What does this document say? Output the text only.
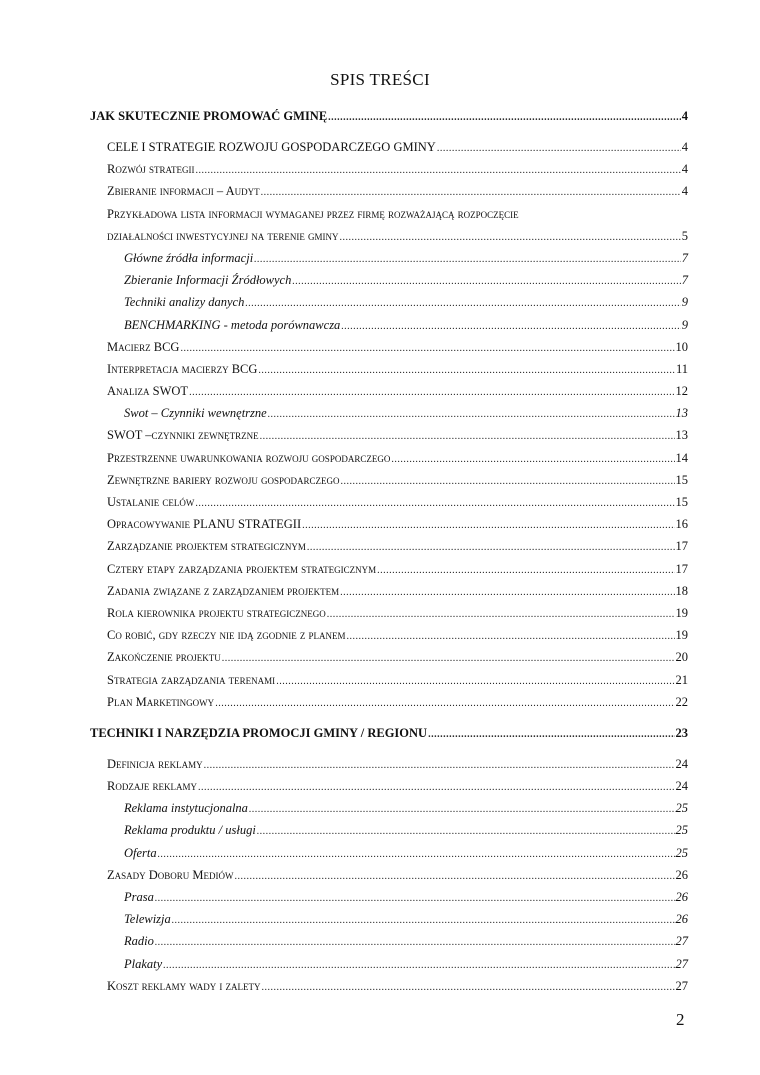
SPIS TREŚCI
JAK SKUTECZNIE PROMOWAĆ GMINĘ .....	4
CELE I STRATEGIE ROZWOJU GOSPODARCZEGO GMINY .....	4
Rozwój strategii .....	4
Zbieranie informacji – Audyt .....	4
Przykładowa lista informacji wymaganej przez firmę rozważającą rozpoczęcie
działalności inwestycyjnej na terenie gminy .....	5
Główne źródła informacji .....	7
Zbieranie Informacji Źródłowych .....	7
Techniki analizy danych .....	9
BENCHMARKING - metoda porównawcza .....	9
Macierz BCG .....	10
Interpretacja macierzy BCG .....	11
Analiza SWOT .....	12
Swot – Czynniki wewnętrzne .....	13
SWOT –czynniki zewnętrzne .....	13
Przestrzenne uwarunkowania rozwoju gospodarczego .....	14
Zewnętrzne bariery rozwoju gospodarczego .....	15
Ustalanie celów .....	15
Opracowywanie PLANU STRATEGII .....	16
Zarządzanie projektem strategicznym .....	17
Cztery etapy zarządzania projektem strategicznym .....	17
Zadania związane z zarządzaniem projektem .....	18
Rola kierownika projektu strategicznego .....	19
Co robić, gdy rzeczy nie idą zgodnie z planem .....	19
Zakończenie projektu .....	20
Strategia zarządzania terenami .....	21
Plan Marketingowy .....	22
TECHNIKI I NARZĘDZIA PROMOCJI GMINY / REGIONU .....	23
Definicja reklamy .....	24
Rodzaje reklamy .....	24
Reklama instytucjonalna .....	25
Reklama produktu / usługi .....	25
Oferta .....	25
Zasady Doboru Mediów .....	26
Prasa .....	26
Telewizja .....	26
Radio .....	27
Plakaty .....	27
Koszt reklamy wady i zalety .....	27
2
